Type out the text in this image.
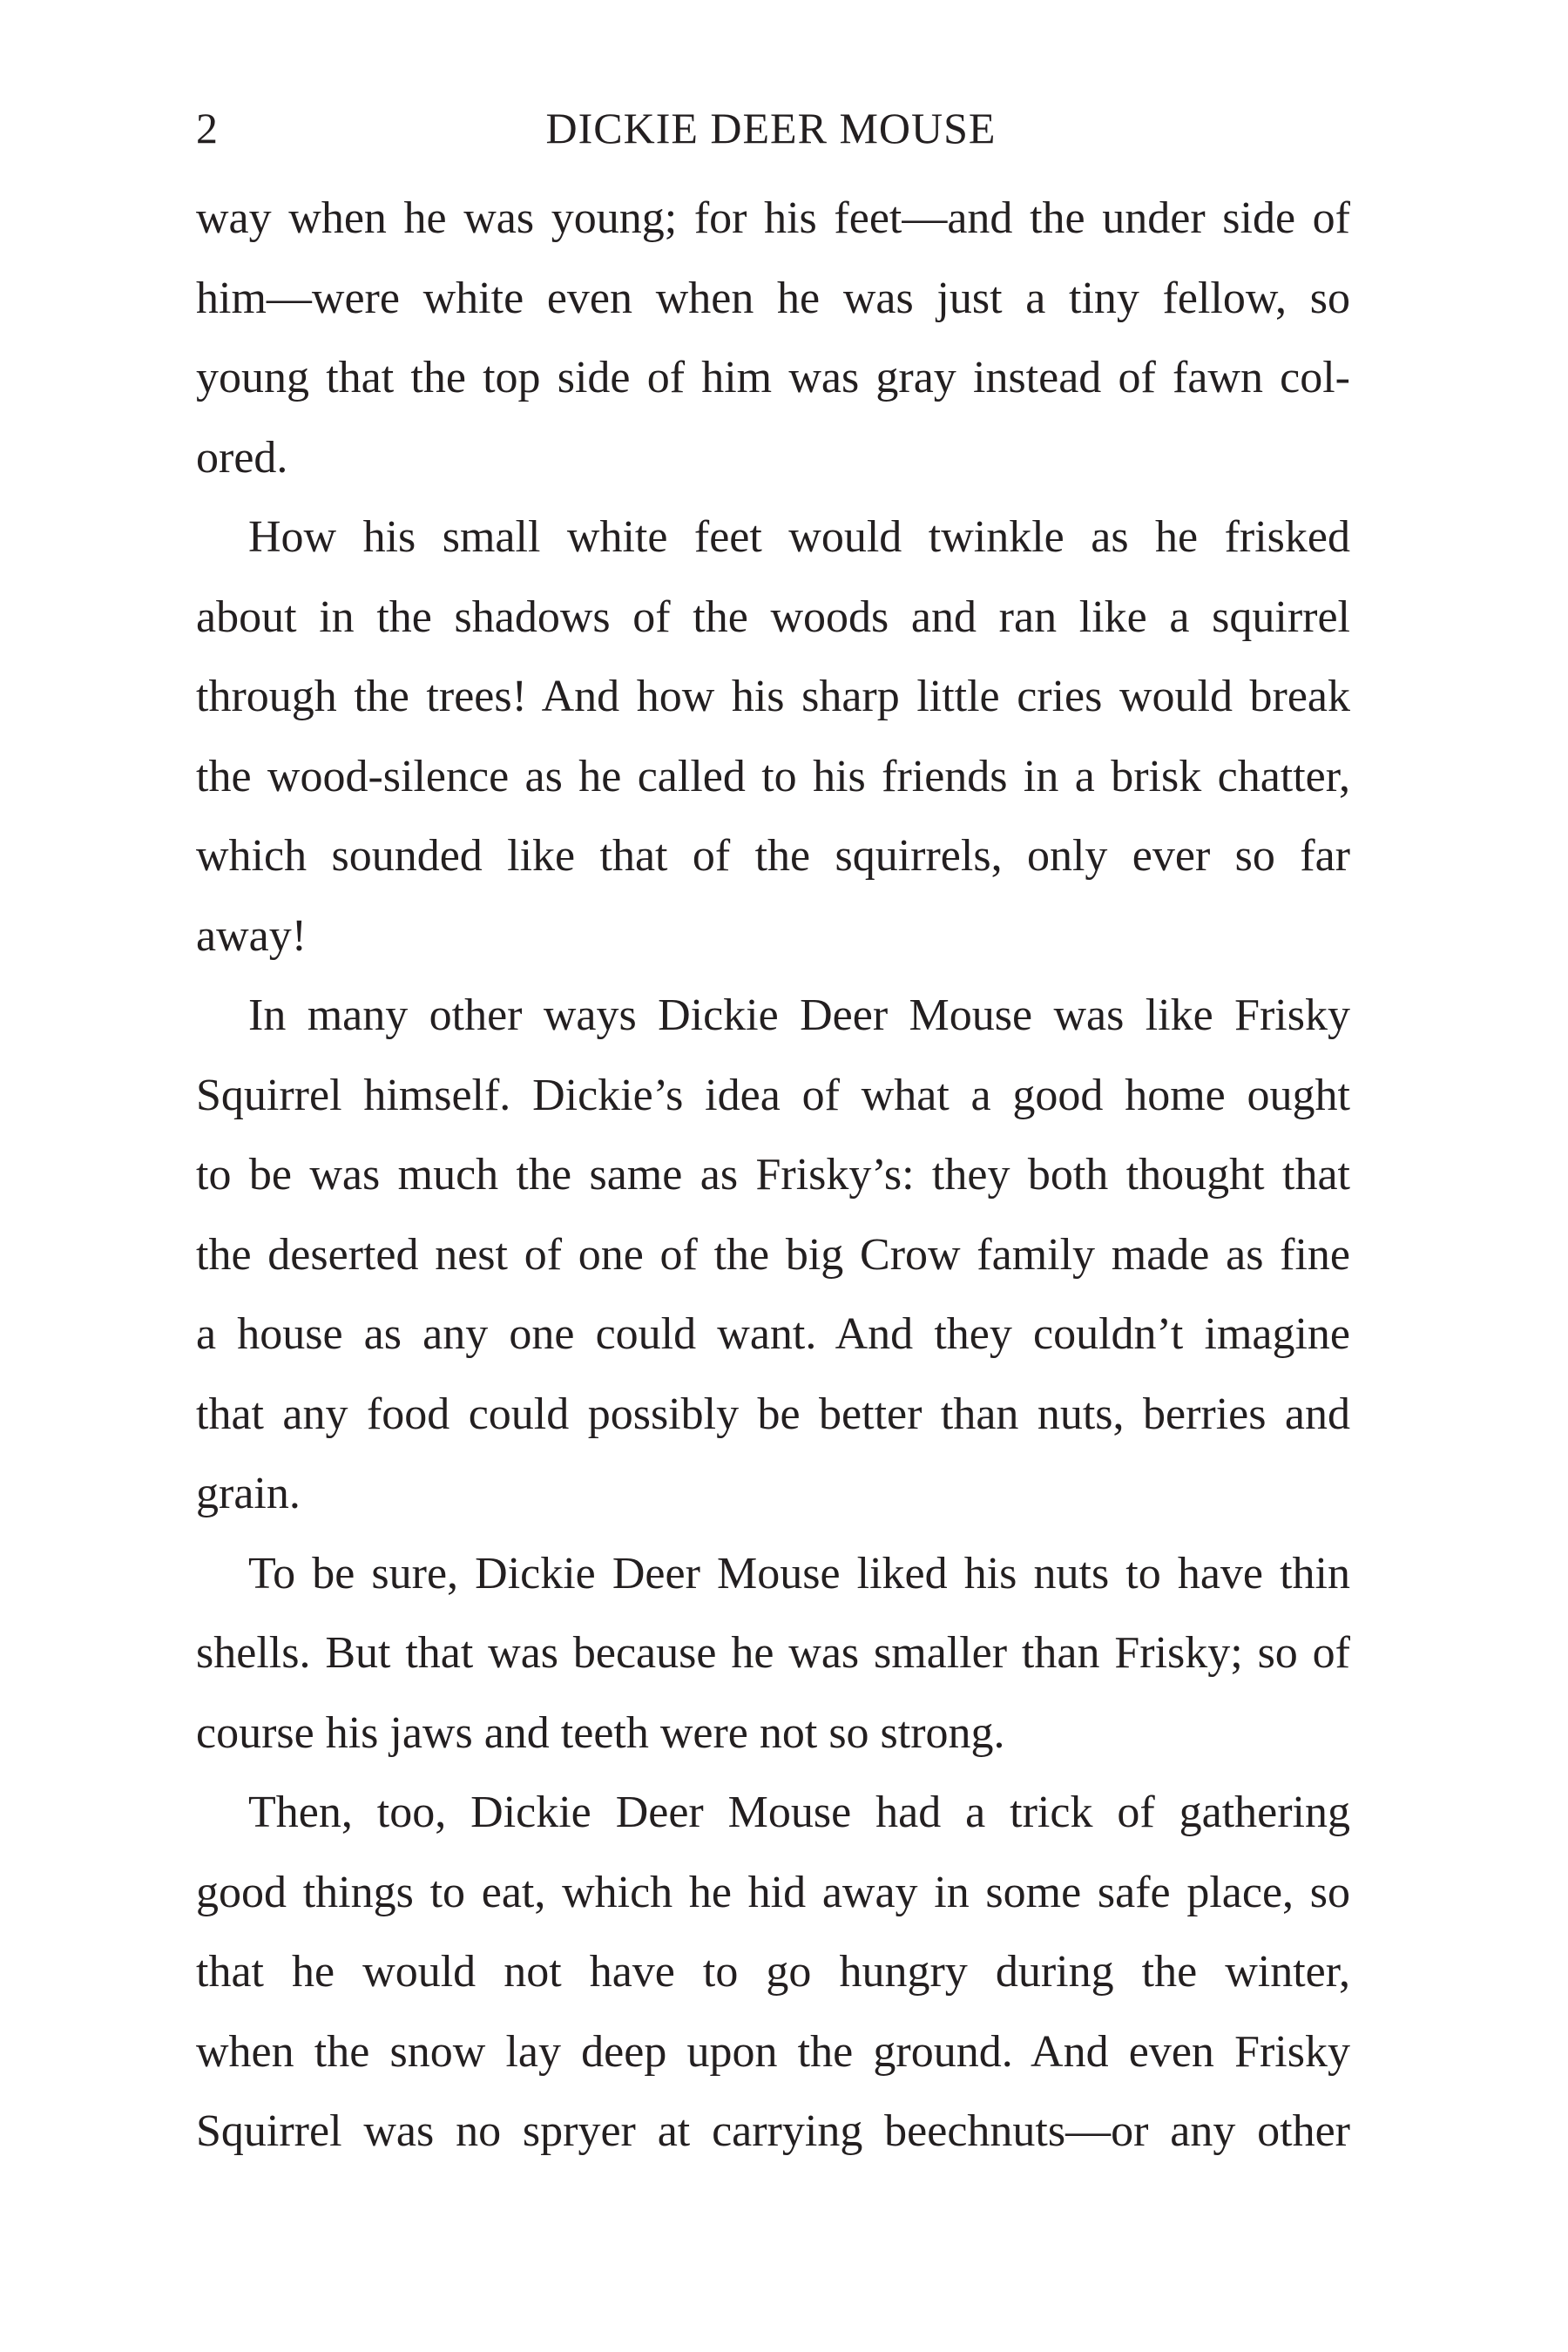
2	DICKIE DEER MOUSE
way when he was young; for his feet—and the under side of
him—were white even when he was just a tiny fellow, so
young that the top side of him was gray instead of fawn col-
ored.
How his small white feet would twinkle as he frisked
about in the shadows of the woods and ran like a squirrel
through the trees! And how his sharp little cries would break
the wood-silence as he called to his friends in a brisk chatter,
which sounded like that of the squirrels, only ever so far
away!
In many other ways Dickie Deer Mouse was like Frisky
Squirrel himself. Dickie’s idea of what a good home ought
to be was much the same as Frisky’s: they both thought that
the deserted nest of one of the big Crow family made as fine
a house as any one could want. And they couldn’t imagine
that any food could possibly be better than nuts, berries and
grain.
To be sure, Dickie Deer Mouse liked his nuts to have thin
shells. But that was because he was smaller than Frisky; so of
course his jaws and teeth were not so strong.
Then, too, Dickie Deer Mouse had a trick of gathering
good things to eat, which he hid away in some safe place, so
that he would not have to go hungry during the winter,
when the snow lay deep upon the ground. And even Frisky
Squirrel was no spryer at carrying beechnuts—or any other
